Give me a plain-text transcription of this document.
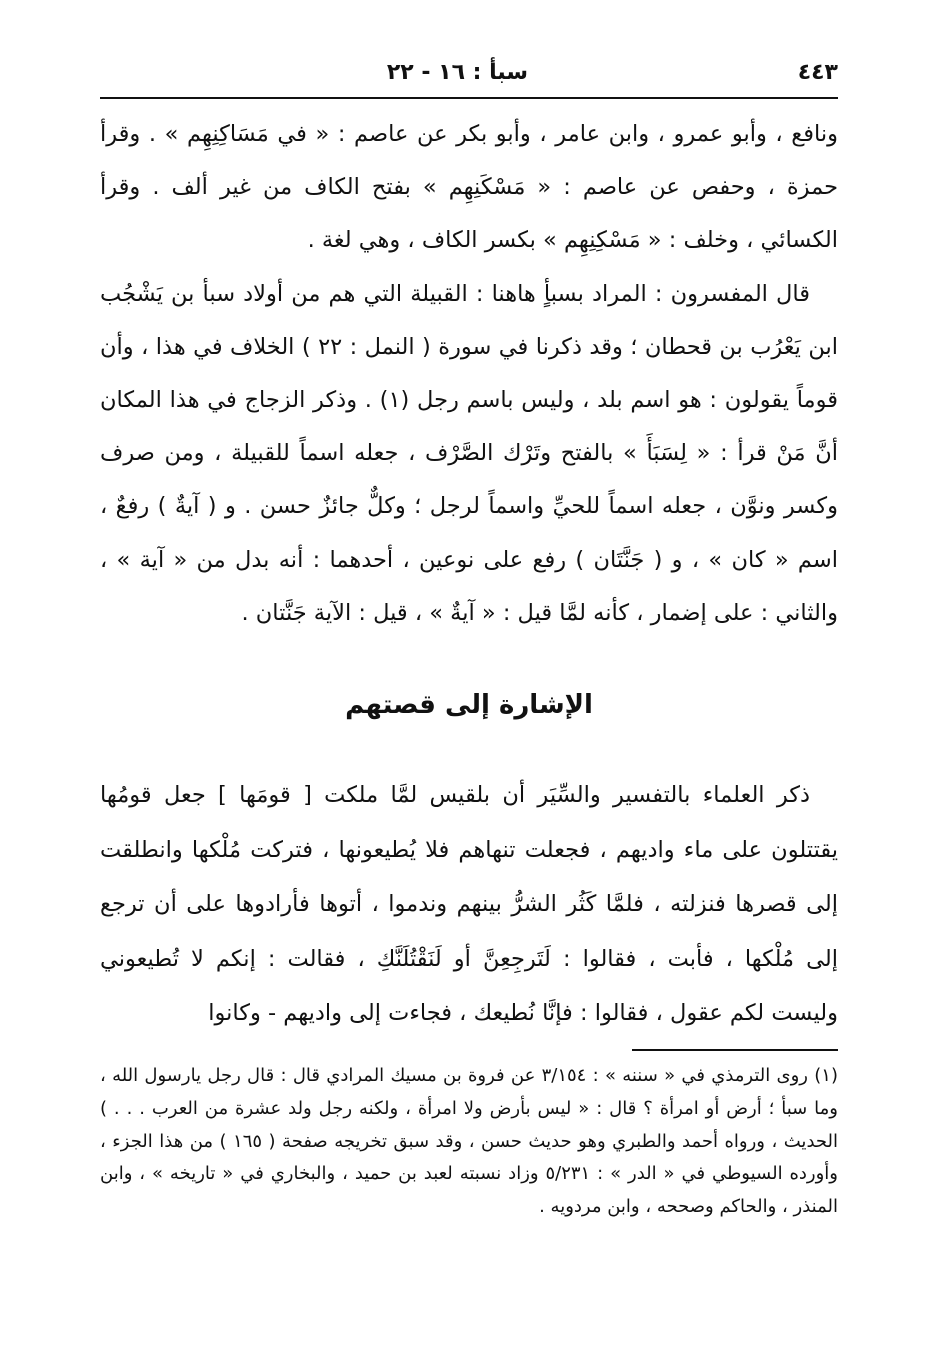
سبأ : ١٦ - ٢٢	٤٤٣

ونافع ، وأبو عمرو ، وابن عامر ، وأبو بكر عن عاصم : « في مَسَاكِنِهِم » . وقرأ حمزة ، وحفص عن عاصم : « مَسْكَنِهِم » بفتح الكاف من غير ألف . وقرأ الكسائي ، وخلف : « مَسْكِنِهِم » بكسر الكاف ، وهي لغة .

قال المفسرون : المراد بسبأٍ هاهنا : القبيلة التي هم من أولاد سبأ بن يَشْجُب ابن يَعْرُب بن قحطان ؛ وقد ذكرنا في سورة ( النمل : ٢٢ ) الخلاف في هذا ، وأن قوماً يقولون : هو اسم بلد ، وليس باسم رجل (١) . وذكر الزجاج في هذا المكان أنَّ مَنْ قرأ : « لِسَبَأَ » بالفتح وتَرْك الصَّرْف ، جعله اسماً للقبيلة ، ومن صرف وكسر ونوَّن ، جعله اسماً للحيِّ واسماً لرجل ؛ وكلٌّ جائزٌ حسن . و ( آيةٌ ) رفعٌ ، اسم « كان » ، و ( جَنَّتَان ) رفع على نوعين ، أحدهما : أنه بدل من « آية » ، والثاني : على إضمار ، كأنه لمَّا قيل : « آيةٌ » ، قيل : الآية جَنَّتان .

الإشارة إلى قصتهم

ذكر العلماء بالتفسير والسِّيَر أن بلقيس لمَّا ملكت [ قومَها ] جعل قومُها يقتتلون على ماء واديهم ، فجعلت تنهاهم فلا يُطيعونها ، فتركت مُلْكها وانطلقت إلى قصرها فنزلته ، فلمَّا كَثُر الشرُّ بينهم وندموا ، أتوها فأرادوها على أن ترجع إلى مُلْكها ، فأبت ، فقالوا : لَتَرجِعِنَّ أو لَنَقْتُلَنَّكِ ، فقالت : إنكم لا تُطيعوني وليست لكم عقول ، فقالوا : فإنَّا نُطيعك ، فجاءت إلى واديهم - وكانوا

(١) روى الترمذي في « سننه » : ٣/١٥٤ عن فروة بن مسيك المرادي قال : قال رجل يارسول الله ، وما سبأ ؛ أرض أو امرأة ؟ قال : « ليس بأرض ولا امرأة ، ولكنه رجل ولد عشرة من العرب . . . ) الحديث ، ورواه أحمد والطبري وهو حديث حسن ، وقد سبق تخريجه صفحة ( ١٦٥ ) من هذا الجزء ، وأورده السيوطي في « الدر » : ٥/٢٣١ وزاد نسبته لعبد بن حميد ، والبخاري في « تاريخه » ، وابن المنذر ، والحاكم وصححه ، وابن مردويه .
